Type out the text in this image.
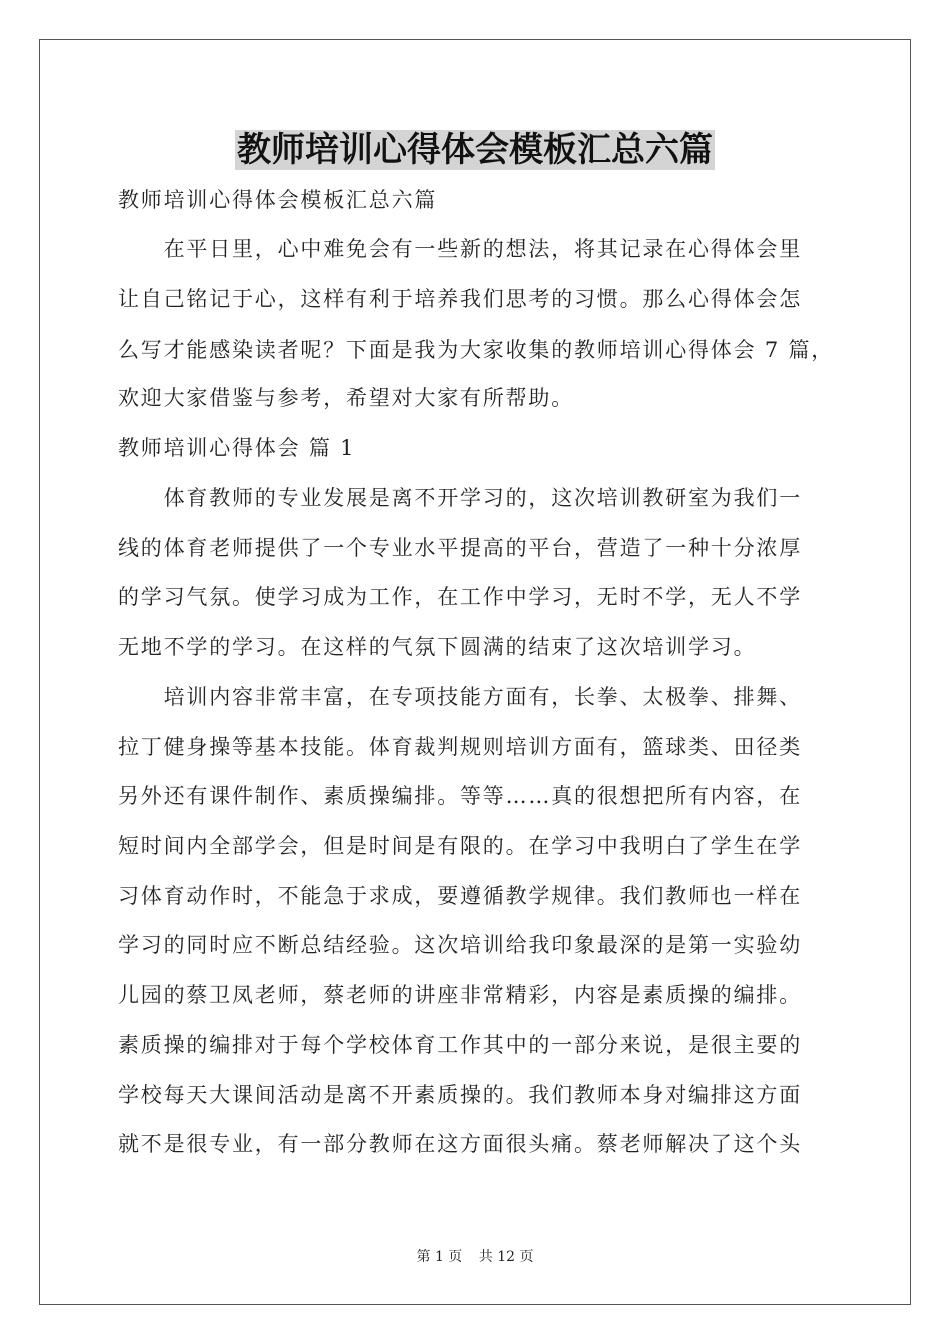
教师培训心得体会模板汇总六篇
教师培训心得体会模板汇总六篇
　　在平日里，心中难免会有一些新的想法，将其记录在心得体会里
让自己铭记于心，这样有利于培养我们思考的习惯。那么心得体会怎
么写才能感染读者呢？下面是我为大家收集的教师培训心得体会 7 篇，
欢迎大家借鉴与参考，希望对大家有所帮助。
教师培训心得体会 篇 1
　　体育教师的专业发展是离不开学习的，这次培训教研室为我们一
线的体育老师提供了一个专业水平提高的平台，营造了一种十分浓厚
的学习气氛。使学习成为工作，在工作中学习，无时不学，无人不学
无地不学的学习。在这样的气氛下圆满的结束了这次培训学习。
　　培训内容非常丰富，在专项技能方面有，长拳、太极拳、排舞、
拉丁健身操等基本技能。体育裁判规则培训方面有，篮球类、田径类
另外还有课件制作、素质操编排。等等……真的很想把所有内容，在
短时间内全部学会，但是时间是有限的。在学习中我明白了学生在学
习体育动作时，不能急于求成，要遵循教学规律。我们教师也一样在
学习的同时应不断总结经验。这次培训给我印象最深的是第一实验幼
儿园的蔡卫凤老师，蔡老师的讲座非常精彩，内容是素质操的编排。
素质操的编排对于每个学校体育工作其中的一部分来说，是很主要的
学校每天大课间活动是离不开素质操的。我们教师本身对编排这方面
就不是很专业，有一部分教师在这方面很头痛。蔡老师解决了这个头
第 1 页 共 12 页
